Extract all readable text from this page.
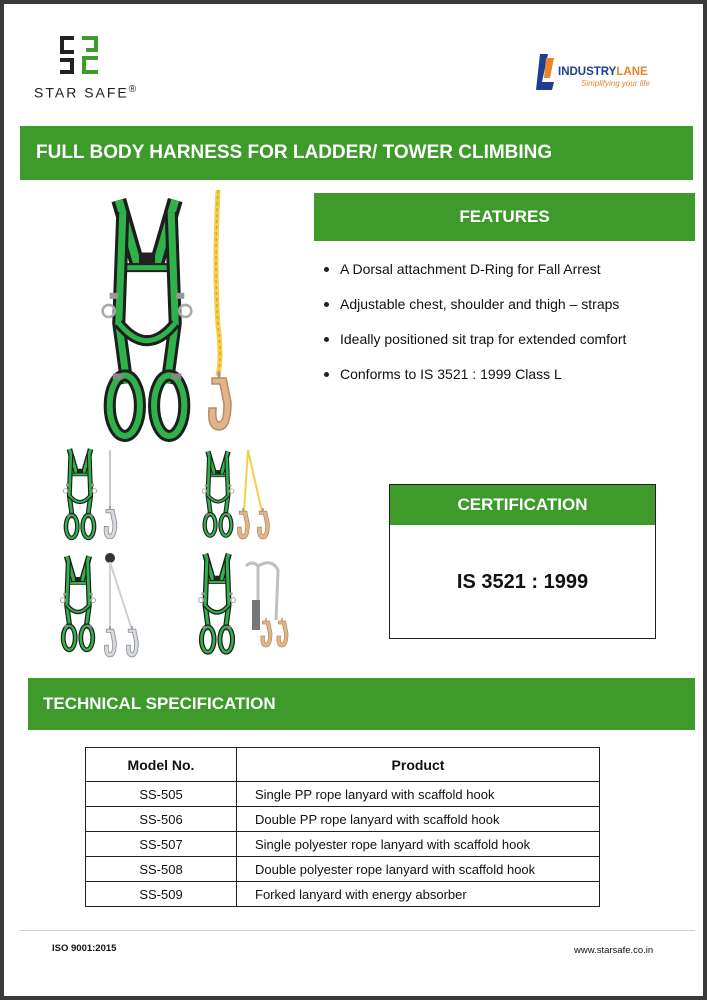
STAR SAFE®
INDUSTRYLANE
Simplifying your life
FULL BODY HARNESS FOR LADDER/ TOWER CLIMBING
FEATURES
A Dorsal attachment D-Ring for Fall Arrest
Adjustable chest, shoulder and thigh – straps
Ideally positioned sit trap for extended comfort
Conforms to IS 3521 : 1999 Class L
CERTIFICATION
IS 3521 : 1999
TECHNICAL SPECIFICATION
Model No.	Product
SS-505	Single PP rope lanyard with scaffold hook
SS-506	Double PP rope lanyard with scaffold hook
SS-507	Single polyester rope lanyard with scaffold hook
SS-508	Double polyester rope lanyard with scaffold hook
SS-509	Forked lanyard with energy absorber
ISO 9001:2015	www.starsafe.co.in
